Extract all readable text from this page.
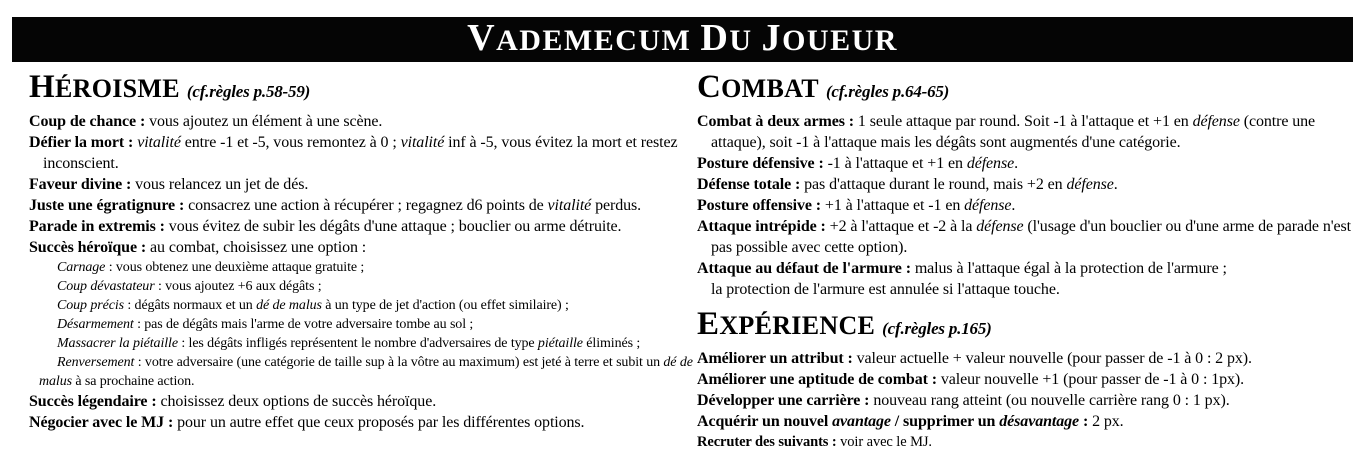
VADEMECUM DU JOUEUR
HÉROISME (cf.règles p.58-59)
Coup de chance : vous ajoutez un élément à une scène.
Défier la mort : vitalité entre -1 et -5, vous remontez à 0 ; vitalité inf à -5, vous évitez la mort et restez inconscient.
Faveur divine : vous relancez un jet de dés.
Juste une égratignure : consacrez une action à récupérer ; regagnez d6 points de vitalité perdus.
Parade in extremis : vous évitez de subir les dégâts d'une attaque ; bouclier ou arme détruite.
Succès héroïque : au combat, choisissez une option :
Carnage : vous obtenez une deuxième attaque gratuite ;
Coup dévastateur : vous ajoutez +6 aux dégâts ;
Coup précis : dégâts normaux et un dé de malus à un type de jet d'action (ou effet similaire) ;
Désarmement : pas de dégâts mais l'arme de votre adversaire tombe au sol ;
Massacrer la piétaille : les dégâts infligés représentent le nombre d'adversaires de type piétaille éliminés ;
Renversement : votre adversaire (une catégorie de taille sup à la vôtre au maximum) est jeté à terre et subit un dé de malus à sa prochaine action.
Succès légendaire : choisissez deux options de succès héroïque.
Négocier avec le MJ : pour un autre effet que ceux proposés par les différentes options.
COMBAT (cf.règles p.64-65)
Combat à deux armes : 1 seule attaque par round. Soit -1 à l'attaque et +1 en défense (contre une attaque), soit -1 à l'attaque mais les dégâts sont augmentés d'une catégorie.
Posture défensive : -1 à l'attaque et +1 en défense.
Défense totale : pas d'attaque durant le round, mais +2 en défense.
Posture offensive : +1 à l'attaque et -1 en défense.
Attaque intrépide : +2 à l'attaque et -2 à la défense (l'usage d'un bouclier ou d'une arme de parade n'est pas possible avec cette option).
Attaque au défaut de l'armure : malus à l'attaque égal à la protection de l'armure ;
la protection de l'armure est annulée si l'attaque touche.
EXPÉRIENCE (cf.règles p.165)
Améliorer un attribut : valeur actuelle + valeur nouvelle (pour passer de -1 à 0 : 2 px).
Améliorer une aptitude de combat : valeur nouvelle +1 (pour passer de -1 à 0 : 1px).
Développer une carrière : nouveau rang atteint (ou nouvelle carrière rang 0 : 1 px).
Acquérir un nouvel avantage / supprimer un désavantage : 2 px.
Recruter des suivants : voir avec le MJ.
